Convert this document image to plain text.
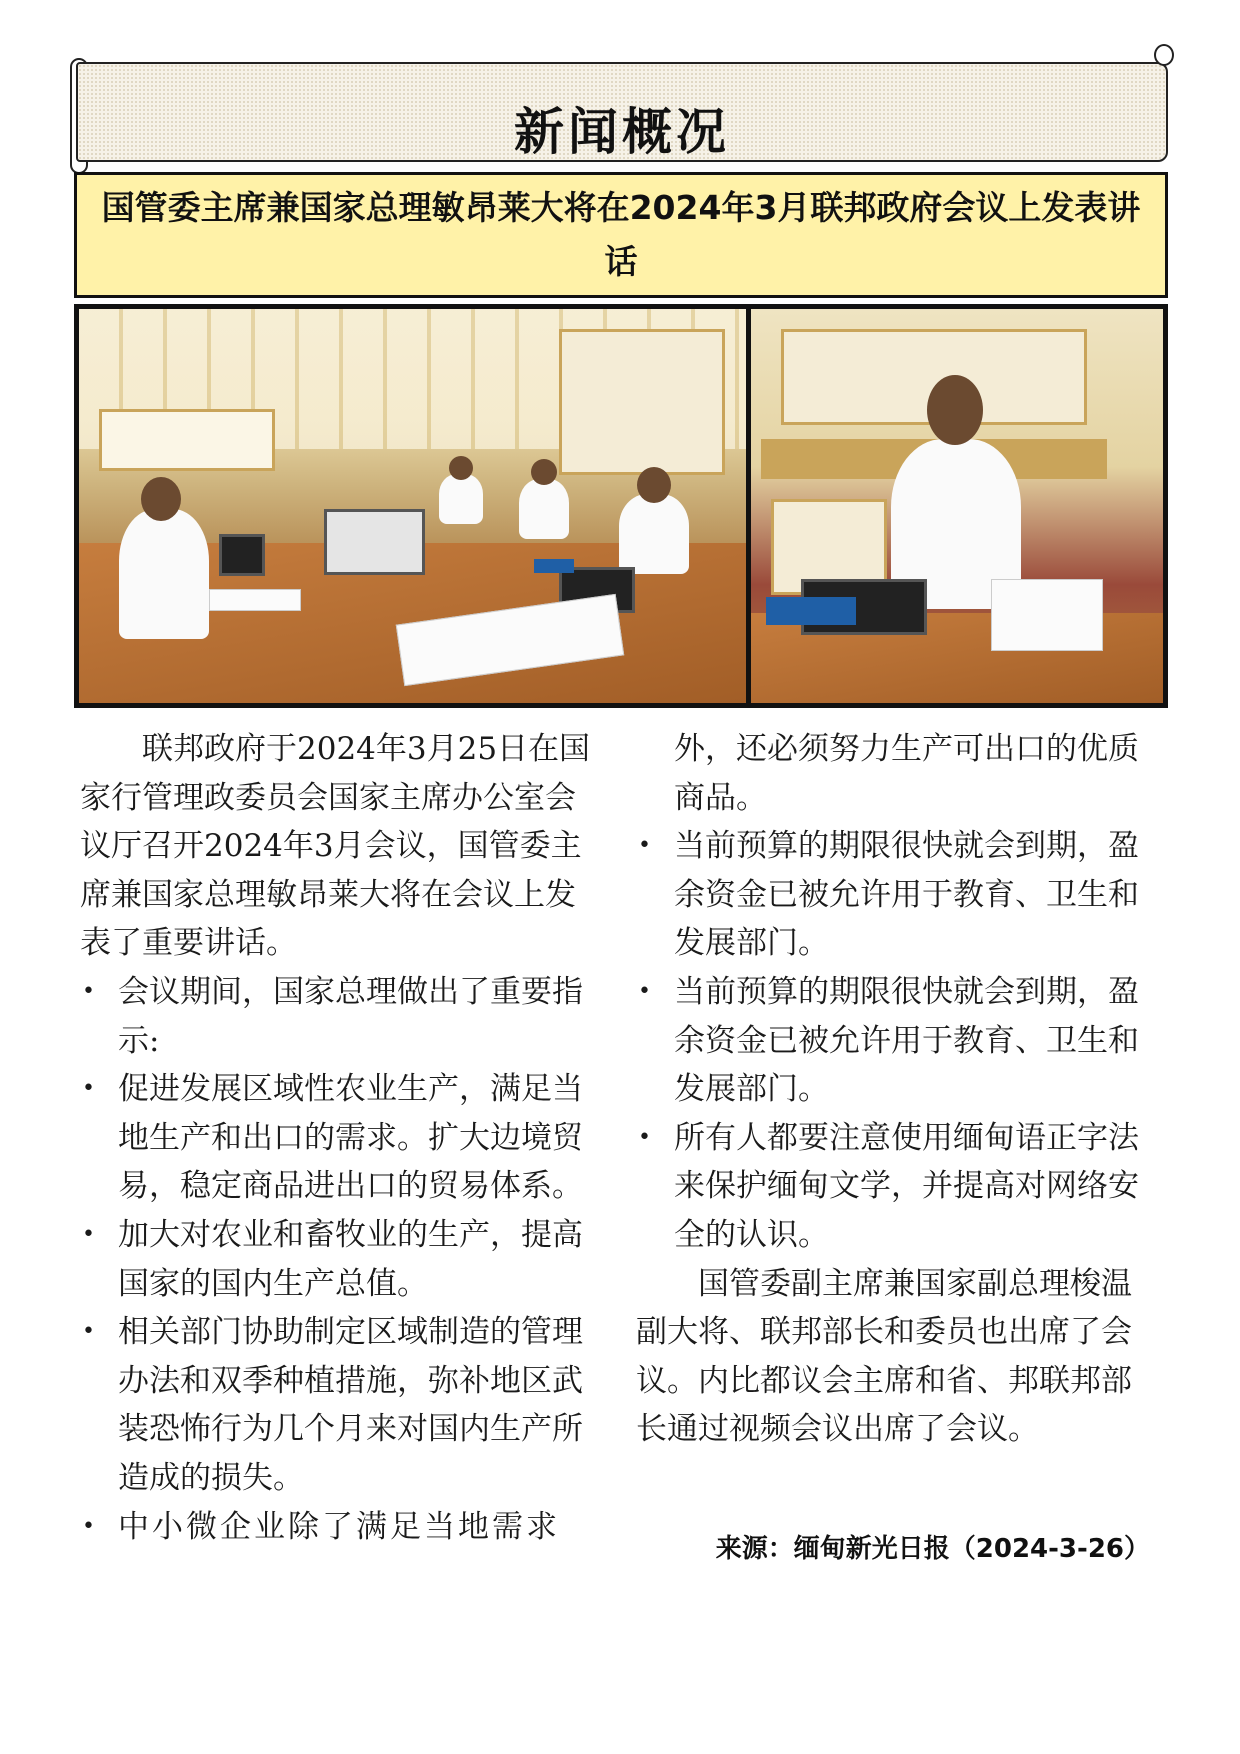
新闻概况
国管委主席兼国家总理敏昂莱大将在2024年3月联邦政府会议上发表讲话

联邦政府于2024年3月25日在国家行管理政委员会国家主席办公室会议厅召开2024年3月会议，国管委主席兼国家总理敏昂莱大将在会议上发表了重要讲话。

• 会议期间，国家总理做出了重要指示:
• 促进发展区域性农业生产，满足当地生产和出口的需求。扩大边境贸易，稳定商品进出口的贸易体系。
• 加大对农业和畜牧业的生产，提高国家的国内生产总值。
• 相关部门协助制定区域制造的管理办法和双季种植措施，弥补地区武装恐怖行为几个月来对国内生产所造成的损失。
• 中小微企业除了满足当地需求

外，还必须努力生产可出口的优质商品。

• 当前预算的期限很快就会到期，盈余资金已被允许用于教育、卫生和发展部门。
• 当前预算的期限很快就会到期，盈余资金已被允许用于教育、卫生和发展部门。
• 所有人都要注意使用缅甸语正字法来保护缅甸文学，并提高对网络安全的认识。

国管委副主席兼国家副总理梭温副大将、联邦部长和委员也出席了会议。内比都议会主席和省、邦联邦部长通过视频会议出席了会议。

来源：缅甸新光日报（2024-3-26）
